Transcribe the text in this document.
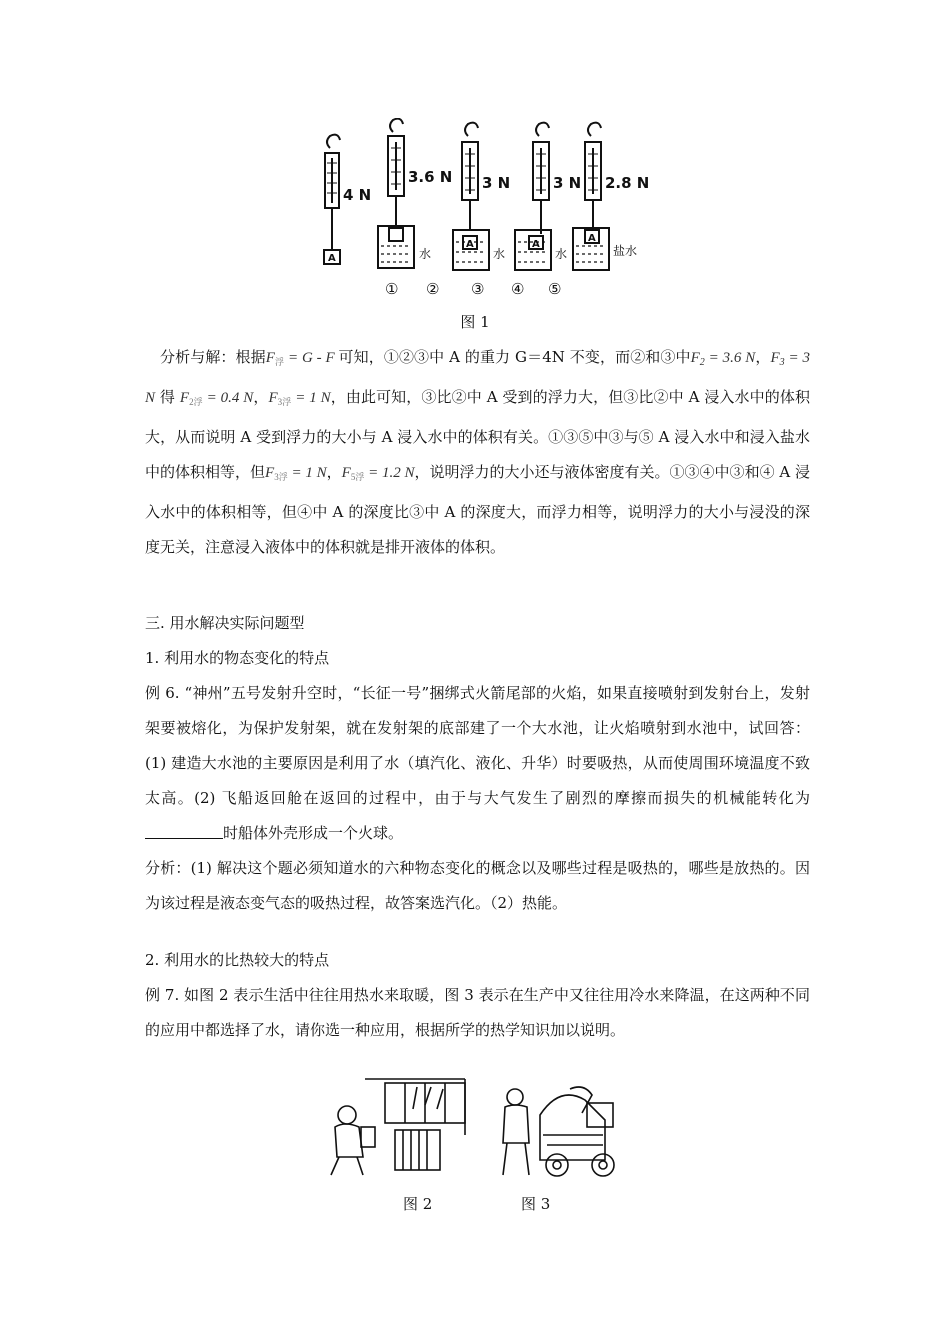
A
A	A
A
4 N
3.6 N 3 N	3 N 2.8 N
水	水	水	盐水
① ② ③ ④ ⑤
图 1

分析与解：根据$F_浮 = G - F$ 可知，①②③中 A 的重力 G＝4N 不变，而②和③中$F_2 = 3.6$ N，$F_3 = 3$ N 得 $F_{2浮} = 0.4$ N，$F_{3浮} = 1$ N，由此可知，③比②中 A 受到的浮力大，但③比②中 A 浸入水中的体积大，从而说明 A 受到浮力的大小与 A 浸入水中的体积有关。①③⑤中③与⑤ A 浸入水中和浸入盐水中的体积相等，但$F_{3浮} = 1$ N，$F_{5浮} = 1.2$ N，说明浮力的大小还与液体密度有关。①③④中③和④ A 浸入水中的体积相等，但④中 A 的深度比③中 A 的深度大，而浮力相等，说明浮力的大小与浸没的深度无关，注意浸入液体中的体积就是排开液体的体积。

三. 用水解决实际问题型

1. 利用水的物态变化的特点

例 6. “神州”五号发射升空时，“长征一号”捆绑式火箭尾部的火焰，如果直接喷射到发射台上，发射架要被熔化，为保护发射架，就在发射架的底部建了一个大水池，让火焰喷射到水池中，试回答：(1) 建造大水池的主要原因是利用了水（填汽化、液化、升华）时要吸热，从而使周围环境温度不致太高。(2) 飞船返回舱在返回的过程中，由于与大气发生了剧烈的摩擦而损失的机械能转化为时船体外壳形成一个火球。

分析：(1) 解决这个题必须知道水的六种物态变化的概念以及哪些过程是吸热的，哪些是放热的。因为该过程是液态变气态的吸热过程，故答案选汽化。（2）热能。

2. 利用水的比热较大的特点

例 7. 如图 2 表示生活中往往用热水来取暖，图 3 表示在生产中又往往用冷水来降温，在这两种不同的应用中都选择了水，请你选一种应用，根据所学的热学知识加以说明。

图 2	图 3
